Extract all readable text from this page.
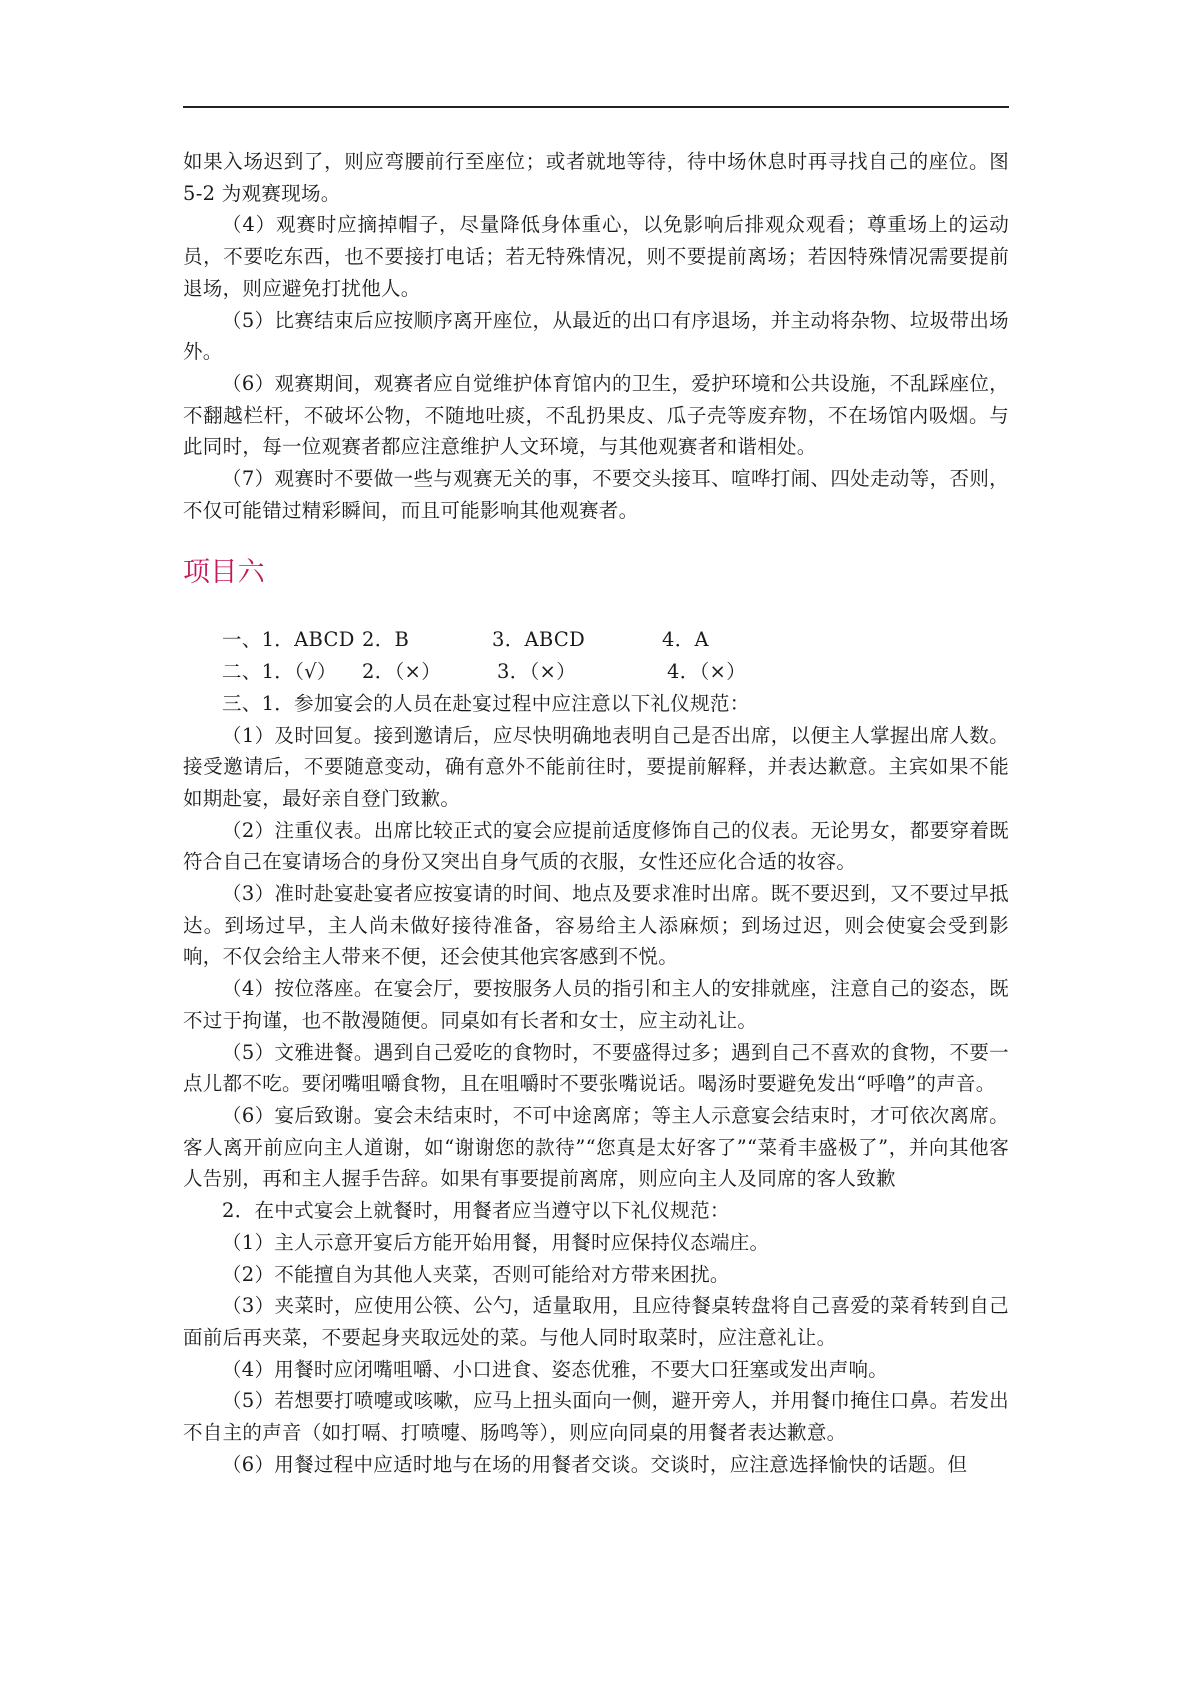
如果入场迟到了，则应弯腰前行至座位；或者就地等待，待中场休息时再寻找自己的座位。图 5-2 为观赛现场。

（4）观赛时应摘掉帽子，尽量降低身体重心，以免影响后排观众观看；尊重场上的运动员，不要吃东西，也不要接打电话；若无特殊情况，则不要提前离场；若因特殊情况需要提前退场，则应避免打扰他人。

（5）比赛结束后应按顺序离开座位，从最近的出口有序退场，并主动将杂物、垃圾带出场外。

（6）观赛期间，观赛者应自觉维护体育馆内的卫生，爱护环境和公共设施，不乱踩座位，不翻越栏杆，不破坏公物，不随地吐痰，不乱扔果皮、瓜子壳等废弃物，不在场馆内吸烟。与此同时，每一位观赛者都应注意维护人文环境，与其他观赛者和谐相处。

（7）观赛时不要做一些与观赛无关的事，不要交头接耳、喧哗打闹、四处走动等，否则，不仅可能错过精彩瞬间，而且可能影响其他观赛者。

项目六
一、1．ABCD 2．B	3．ABCD	4．A
二、1．（√）	2．（×）	3．（×）	4．（×）

三、1．参加宴会的人员在赴宴过程中应注意以下礼仪规范：

（1）及时回复。接到邀请后，应尽快明确地表明自己是否出席，以便主人掌握出席人数。接受邀请后，不要随意变动，确有意外不能前往时，要提前解释，并表达歉意。主宾如果不能如期赴宴，最好亲自登门致歉。

（2）注重仪表。出席比较正式的宴会应提前适度修饰自己的仪表。无论男女，都要穿着既符合自己在宴请场合的身份又突出自身气质的衣服，女性还应化合适的妆容。

（3）准时赴宴赴宴者应按宴请的时间、地点及要求准时出席。既不要迟到，又不要过早抵达。到场过早，主人尚未做好接待准备，容易给主人添麻烦；到场过迟，则会使宴会受到影响，不仅会给主人带来不便，还会使其他宾客感到不悦。

（4）按位落座。在宴会厅，要按服务人员的指引和主人的安排就座，注意自己的姿态，既不过于拘谨，也不散漫随便。同桌如有长者和女士，应主动礼让。

（5）文雅进餐。遇到自己爱吃的食物时，不要盛得过多；遇到自己不喜欢的食物，不要一点儿都不吃。要闭嘴咀嚼食物，且在咀嚼时不要张嘴说话。喝汤时要避免发出“呼噜”的声音。

（6）宴后致谢。宴会未结束时，不可中途离席；等主人示意宴会结束时，才可依次离席。客人离开前应向主人道谢，如“谢谢您的款待”“您真是太好客了”“菜肴丰盛极了”，并向其他客人告别，再和主人握手告辞。如果有事要提前离席，则应向主人及同席的客人致歉

2．在中式宴会上就餐时，用餐者应当遵守以下礼仪规范：

（1）主人示意开宴后方能开始用餐，用餐时应保持仪态端庄。

（2）不能擅自为其他人夹菜，否则可能给对方带来困扰。

（3）夹菜时，应使用公筷、公勺，适量取用，且应待餐桌转盘将自己喜爱的菜肴转到自己面前后再夹菜，不要起身夹取远处的菜。与他人同时取菜时，应注意礼让。

（4）用餐时应闭嘴咀嚼、小口进食、姿态优雅，不要大口狂塞或发出声响。

（5）若想要打喷嚏或咳嗽，应马上扭头面向一侧，避开旁人，并用餐巾掩住口鼻。若发出不自主的声音（如打嗝、打喷嚏、肠鸣等），则应向同桌的用餐者表达歉意。

（6）用餐过程中应适时地与在场的用餐者交谈。交谈时，应注意选择愉快的话题。但
